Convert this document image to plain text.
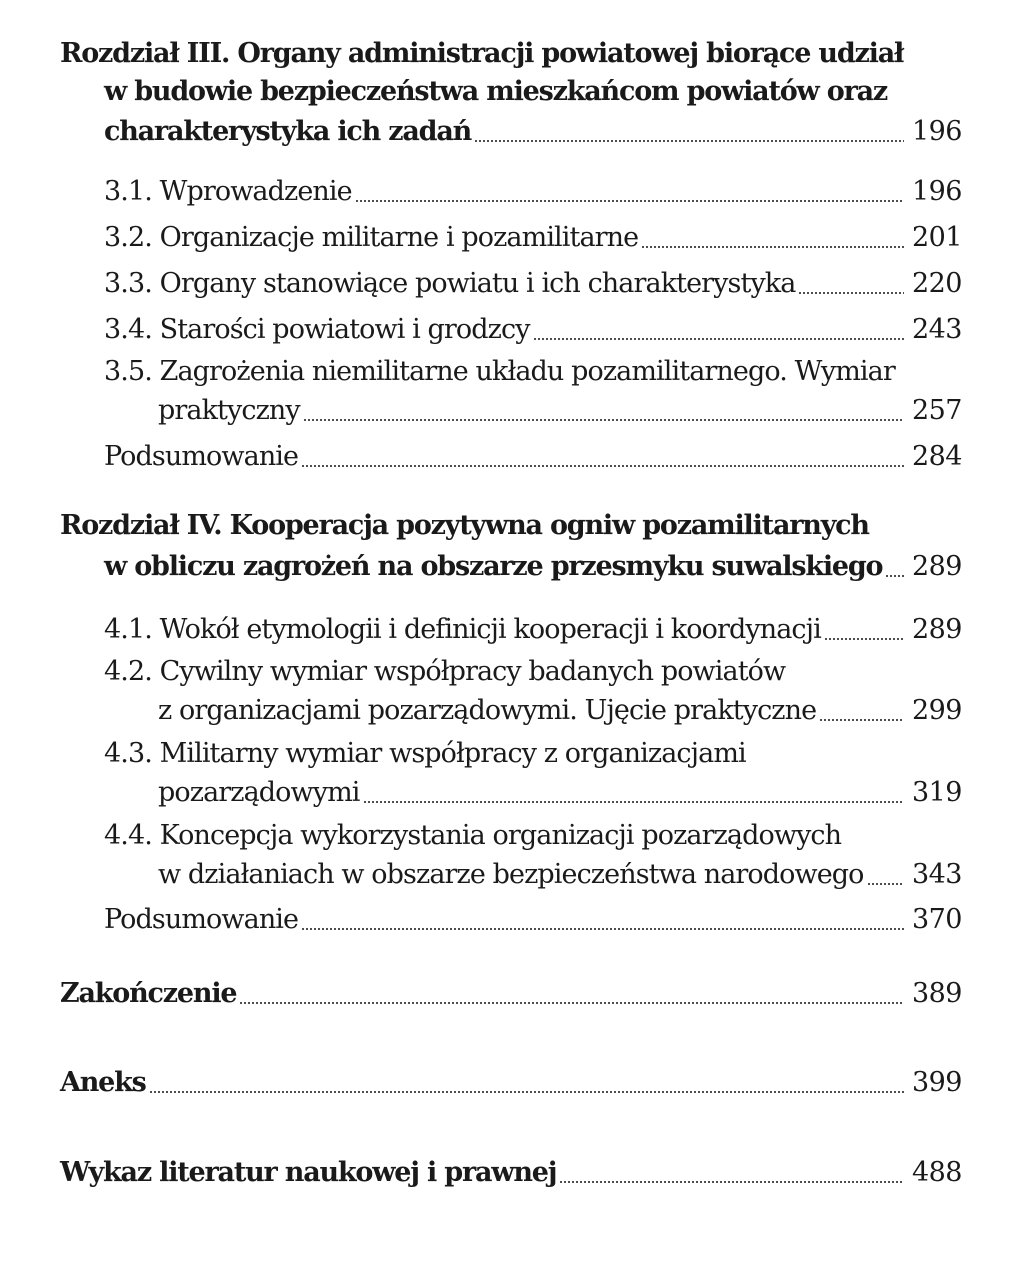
Rozdział III. Organy administracji powiatowej biorące udział
w budowie bezpieczeństwa mieszkańcom powiatów oraz
charakterystyka ich zadań	196
3.1. Wprowadzenie	196
3.2. Organizacje militarne i pozamilitarne	201
3.3. Organy stanowiące powiatu i ich charakterystyka	220
3.4. Starości powiatowi i grodzcy	243
3.5. Zagrożenia niemilitarne układu pozamilitarnego. Wymiar
praktyczny	257
Podsumowanie	284
Rozdział IV. Kooperacja pozytywna ogniw pozamilitarnych
w obliczu zagrożeń na obszarze przesmyku suwalskiego 289
4.1. Wokół etymologii i definicji kooperacji i koordynacji	289
4.2. Cywilny wymiar współpracy badanych powiatów
z organizacjami pozarządowymi. Ujęcie praktyczne	299
4.3. Militarny wymiar współpracy z organizacjami
pozarządowymi	319
4.4. Koncepcja wykorzystania organizacji pozarządowych
w działaniach w obszarze bezpieczeństwa narodowego 343
Podsumowanie	370
Zakończenie	389
Aneks	399
Wykaz literatur naukowej i prawnej	488
